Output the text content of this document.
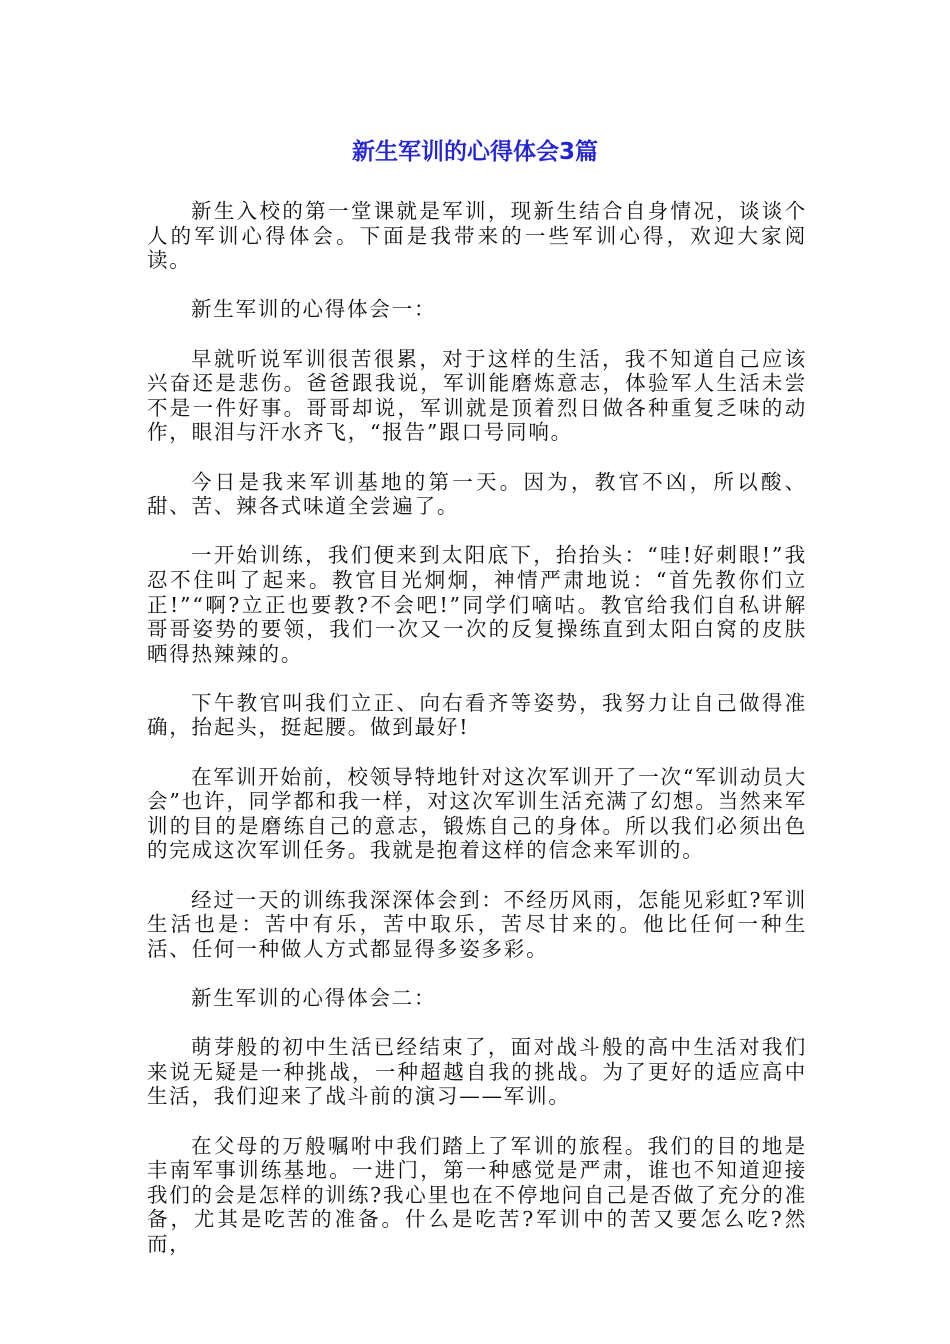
新生军训的心得体会3篇

新生入校的第一堂课就是军训，现新生结合自身情况，谈谈个人的军训心得体会。下面是我带来的一些军训心得，欢迎大家阅读。

新生军训的心得体会一：

早就听说军训很苦很累，对于这样的生活，我不知道自己应该兴奋还是悲伤。爸爸跟我说，军训能磨炼意志，体验军人生活未尝不是一件好事。哥哥却说，军训就是顶着烈日做各种重复乏味的动作，眼泪与汗水齐飞，“报告”跟口号同响。

今日是我来军训基地的第一天。因为，教官不凶，所以酸、甜、苦、辣各式味道全尝遍了。

一开始训练，我们便来到太阳底下，抬抬头：“哇!好刺眼!”我忍不住叫了起来。教官目光炯炯，神情严肃地说：“首先教你们立正!”“啊?立正也要教?不会吧!”同学们嘀咕。教官给我们自私讲解哥哥姿势的要领，我们一次又一次的反复操练直到太阳白窝的皮肤晒得热辣辣的。

下午教官叫我们立正、向右看齐等姿势，我努力让自己做得准确，抬起头，挺起腰。做到最好!

在军训开始前，校领导特地针对这次军训开了一次“军训动员大会”也许，同学都和我一样，对这次军训生活充满了幻想。当然来军训的目的是磨练自己的意志，锻炼自己的身体。所以我们必须出色的完成这次军训任务。我就是抱着这样的信念来军训的。

经过一天的训练我深深体会到：不经历风雨，怎能见彩虹?军训生活也是：苦中有乐，苦中取乐，苦尽甘来的。他比任何一种生活、任何一种做人方式都显得多姿多彩。

新生军训的心得体会二：

萌芽般的初中生活已经结束了，面对战斗般的高中生活对我们来说无疑是一种挑战，一种超越自我的挑战。为了更好的适应高中生活，我们迎来了战斗前的演习——军训。

在父母的万般嘱咐中我们踏上了军训的旅程。我们的目的地是丰南军事训练基地。一进门，第一种感觉是严肃，谁也不知道迎接我们的会是怎样的训练?我心里也在不停地问自己是否做了充分的准备，尤其是吃苦的准备。什么是吃苦?军训中的苦又要怎么吃?然而，
